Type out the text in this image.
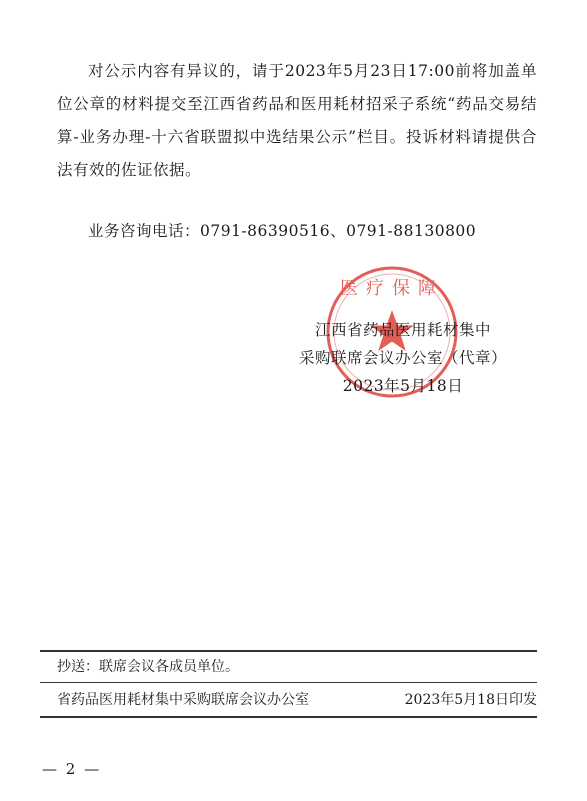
对公示内容有异议的，请于2023年5月23日17:00前将加盖单位公章的材料提交至江西省药品和医用耗材招采子系统“药品交易结算-业务办理-十六省联盟拟中选结果公示”栏目。投诉材料请提供合法有效的佐证依据。

业务咨询电话：0791-86390516、0791-88130800

医疗保障
江西省药品医用耗材集中
采购联席会议办公室（代章）
2023年5月18日
抄送：联席会议各成员单位。
省药品医用耗材集中采购联席会议办公室	2023年5月18日印发
— 2 —
